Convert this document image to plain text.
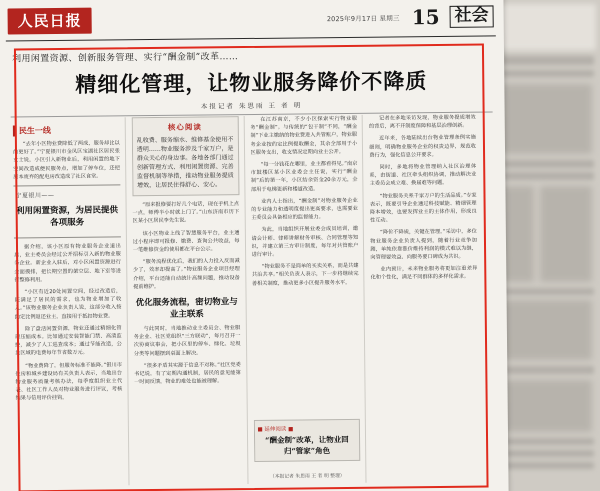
人民日报	2025年9月17日 星期三 15 社会
利用闲置资源、创新服务管理、实行“酬金制”改革……
精细化管理，让物业服务降价不降质
本报记者 朱思雨 王 者 明
民生一线
“去年小区物业费降低了两成，服务却比以前更好了。”宁夏银川市金凤区宝湖社区居民张女士说，小区引入新物业后，利用闲置的地下空间改造成便民服务点，增加了停车位，还把原本废弃的配电房改造成了社区食堂。
宁夏银川——
利用闲置资源，为居民提供各项服务
据介绍，该小区原有物业服务企业退出后，业主委员会经过公开招标引入新的物业服务企业。新企业入驻后，对小区闲置资源进行全面摸排，把长期空置的架空层、地下室等进行整修利用。
“小区有近20处闲置空间，经过改造后，既满足了居民的需求，也为物业增加了收入。”该物业服务企业负责人说，这部分收入按约定比例返还业主，直接用于抵扣物业费。
除了盘活闲置资源，物业还通过精细化管理压缩成本。比如通过安装智能门禁、高清监控，减少了人工巡查成本；通过节能改造，公共区域的电费每年节省数万元。
“物业费降了，但服务标准不能降。”银川市住房和城乡建设局有关负责人表示，当地出台物业服务质量考核办法，每季度组织业主代表、社区工作人员对物业服务进行评议，考核结果与信用评价挂钩。
核心阅读
乱收费、服务缩水、维修基金使用不透明……物业服务涉及千家万户，是群众关心的身边事。各地各部门通过创新管理方式、利用闲置资源、完善监督机制等举措，推动物业服务提质增效，让居民住得舒心、安心。
“原来报修要打好几个电话，现在手机上点一点，师傅半小时就上门了。”山东济南市历下区某小区居民李先生说。
该小区物业上线了智慧服务平台，业主通过小程序即可报修、缴费、查询公共收益，每一笔维修资金的使用都在平台公示。
“服务流程优化后，我们的人力投入反而减少了，效率却提高了。”物业服务企业项目经理介绍，平台还能自动统计高频问题，推动设备提前维护。
优化服务流程，密切物业与业主联系
与此同时，当地推动业主委员会、物业服务企业、社区党组织“三方联动”，每月召开一次协商议事会，把小区里的停车、绿化、垃圾分类等问题摆到桌面上解决。
“很多矛盾其实源于信息不对称。”社区党委书记说，有了定期沟通机制，居民的意见能第一时间反馈，物业的难处也能被理解。
在江苏南京，不少小区探索实行物业服务“酬金制”。与传统的“包干制”不同，“酬金制”下业主缴纳的物业费进入共管账户，物业服务企业按约定比例提取酬金，其余全部用于小区服务支出，收支情况定期向业主公开。
“每一分钱花在哪里，业主都看得见。”南京市鼓楼区某小区业委会主任说，实行“酬金制”后的第一年，小区结余资金20余万元，全部用于电梯更新和楼道改造。
业内人士指出，“酬金制”对物业服务企业的专业能力和透明度提出更高要求，也需要业主委员会具备相应的监督能力。
为此，当地组织开展业委会成员培训，邀请会计师、律师讲解财务审核、合同管理等知识，并建立第三方审计制度，每年对共管账户进行审计。
“物业服务不是简单的买卖关系，而是共建共治共享。”相关负责人表示，下一步将继续完善相关制度，推动更多小区提升服务水平。
■ 延伸阅读 ■
“酬金制”改革，让物业回归“管家”角色
（本报记者 朱思雨 王 者 明 整理）
记者在多地采访发现，物业服务提质增效的背后，离不开制度保障和基层治理创新。
近年来，各地陆续出台物业管理条例实施细则，明确物业服务企业的权责边界，规范收费行为，强化信息公开要求。
同时，多地将物业管理纳入社区治理体系，由街道、社区牵头组织协调，推动解决业主委员会成立难、换届难等问题。
“物业服务关系千家万户的生活品质。”专家表示，既要引导企业通过科技赋能、精细管理降本增效，也要发挥业主的主体作用，形成良性互动。
“降价不降质，关键在管理。”采访中，多位物业服务企业负责人提到，随着行业竞争加剧，单纯依靠涨价维持利润的模式难以为继，向管理要效益、向服务要口碑成为共识。
业内预计，未来物业服务将更加注重差异化和个性化，满足不同群体的多样化需求。
